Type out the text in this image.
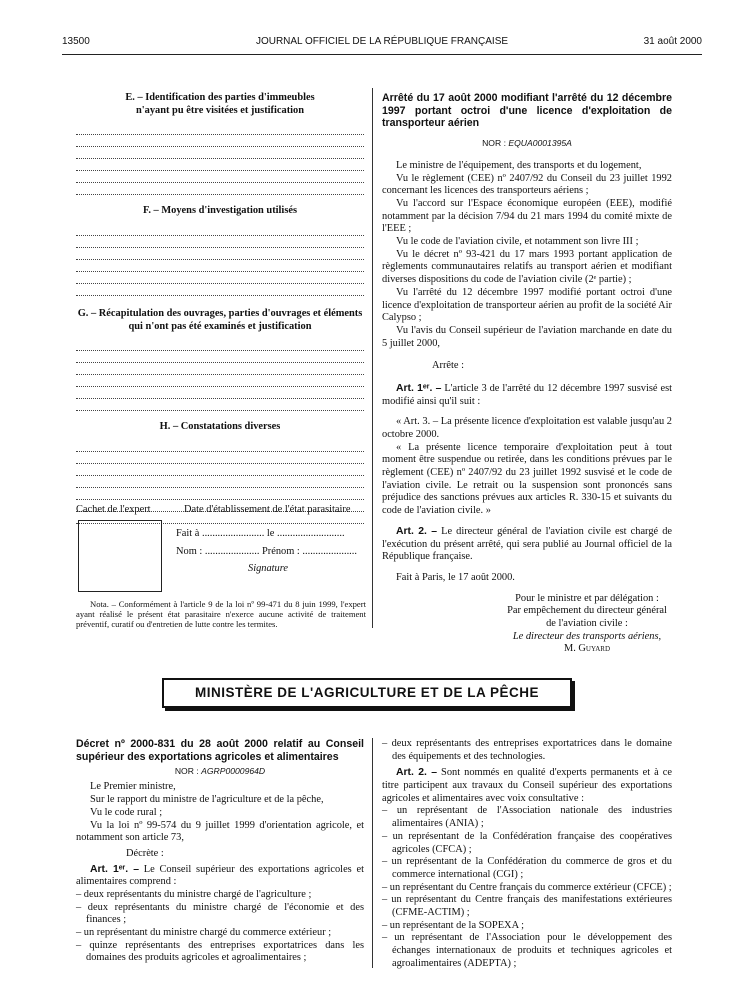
13500	JOURNAL OFFICIEL DE LA RÉPUBLIQUE FRANÇAISE	31 août 2000
E. – Identification des parties d'immeubles n'ayant pu être visitées et justification
F. – Moyens d'investigation utilisés
G. – Récapitulation des ouvrages, parties d'ouvrages et éléments qui n'ont pas été examinés et justification
H. – Constatations diverses
Cachet de l'expert	Date d'établissement de l'état parasitaire
Fait à ........................ le ..........................
Nom : ..................... Prénom : .....................
Signature
Nota. – Conformément à l'article 9 de la loi nº 99-471 du 8 juin 1999, l'expert ayant réalisé le présent état parasitaire n'exerce aucune activité de traitement préventif, curatif ou d'entretien de lutte contre les termites.

Arrêté du 17 août 2000 modifiant l'arrêté du 12 décembre 1997 portant octroi d'une licence d'exploitation de transporteur aérien

NOR : EQUA0001395A

Le ministre de l'équipement, des transports et du logement,

Vu le règlement (CEE) nº 2407/92 du Conseil du 23 juillet 1992 concernant les licences des transporteurs aériens ;

Vu l'accord sur l'Espace économique européen (EEE), modifié notamment par la décision 7/94 du 21 mars 1994 du comité mixte de l'EEE ;

Vu le code de l'aviation civile, et notamment son livre III ;

Vu le décret nº 93-421 du 17 mars 1993 portant application de règlements communautaires relatifs au transport aérien et modifiant diverses dispositions du code de l'aviation civile (2ᵉ partie) ;

Vu l'arrêté du 12 décembre 1997 modifié portant octroi d'une licence d'exploitation de transporteur aérien au profit de la société Air Calypso ;

Vu l'avis du Conseil supérieur de l'aviation marchande en date du 5 juillet 2000,

Arrête :

Art. 1ᵉʳ. – L'article 3 de l'arrêté du 12 décembre 1997 susvisé est modifié ainsi qu'il suit :

« Art. 3. – La présente licence d'exploitation est valable jusqu'au 2 octobre 2000.

« La présente licence temporaire d'exploitation peut à tout moment être suspendue ou retirée, dans les conditions prévues par le règlement (CEE) nº 2407/92 du 23 juillet 1992 susvisé et le code de l'aviation civile. Le retrait ou la suspension sont prononcés sans préjudice des sanctions prévues aux articles R. 330-15 et suivants du code de l'aviation civile. »

Art. 2. – Le directeur général de l'aviation civile est chargé de l'exécution du présent arrêté, qui sera publié au Journal officiel de la République française.

Fait à Paris, le 17 août 2000.

Pour le ministre et par délégation :

Par empêchement du directeur général de l'aviation civile :

Le directeur des transports aériens,

M. Guyard

MINISTÈRE DE L'AGRICULTURE ET DE LA PÊCHE

Décret nº 2000-831 du 28 août 2000 relatif au Conseil supérieur des exportations agricoles et alimentaires

NOR : AGRP0000964D

Le Premier ministre,

Sur le rapport du ministre de l'agriculture et de la pêche,

Vu le code rural ;

Vu la loi nº 99-574 du 9 juillet 1999 d'orientation agricole, et notamment son article 73,

Décrète :

Art. 1ᵉʳ. – Le Conseil supérieur des exportations agricoles et alimentaires comprend :

– deux représentants du ministre chargé de l'agriculture ;

– deux représentants du ministre chargé de l'économie et des finances ;

– un représentant du ministre chargé du commerce extérieur ;

– quinze représentants des entreprises exportatrices dans les domaines des produits agricoles et agroalimentaires ;

– deux représentants des entreprises exportatrices dans le domaine des équipements et des technologies.

Art. 2. – Sont nommés en qualité d'experts permanents et à ce titre participent aux travaux du Conseil supérieur des exportations agricoles et alimentaires avec voix consultative :

– un représentant de l'Association nationale des industries alimentaires (ANIA) ;

– un représentant de la Confédération française des coopératives agricoles (CFCA) ;

– un représentant de la Confédération du commerce de gros et du commerce international (CGI) ;

– un représentant du Centre français du commerce extérieur (CFCE) ;

– un représentant du Centre français des manifestations extérieures (CFME-ACTIM) ;

– un représentant de la SOPEXA ;

– un représentant de l'Association pour le développement des échanges internationaux de produits et techniques agricoles et agroalimentaires (ADEPTA) ;
